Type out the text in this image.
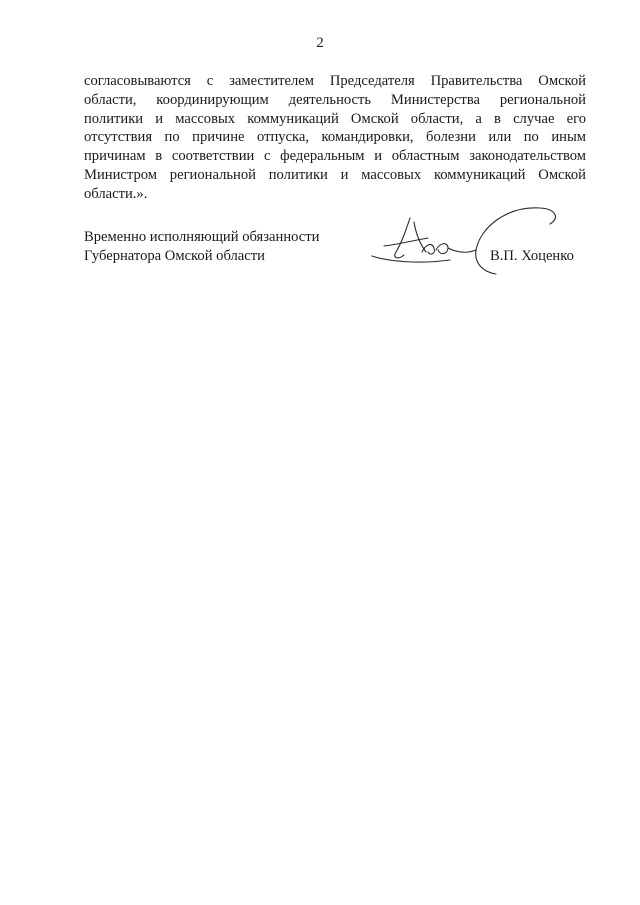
2
согласовываются с заместителем Председателя Правительства Омской
области, координирующим деятельность Министерства региональной
политики и массовых коммуникаций Омской области, а в случае его
отсутствия по причине отпуска, командировки, болезни или по иным
причинам в соответствии с федеральным и областным законодательством
Министром региональной политики и массовых коммуникаций Омской
области.».
Временно исполняющий обязанности
Губернатора Омской области	В.П. Хоценко
